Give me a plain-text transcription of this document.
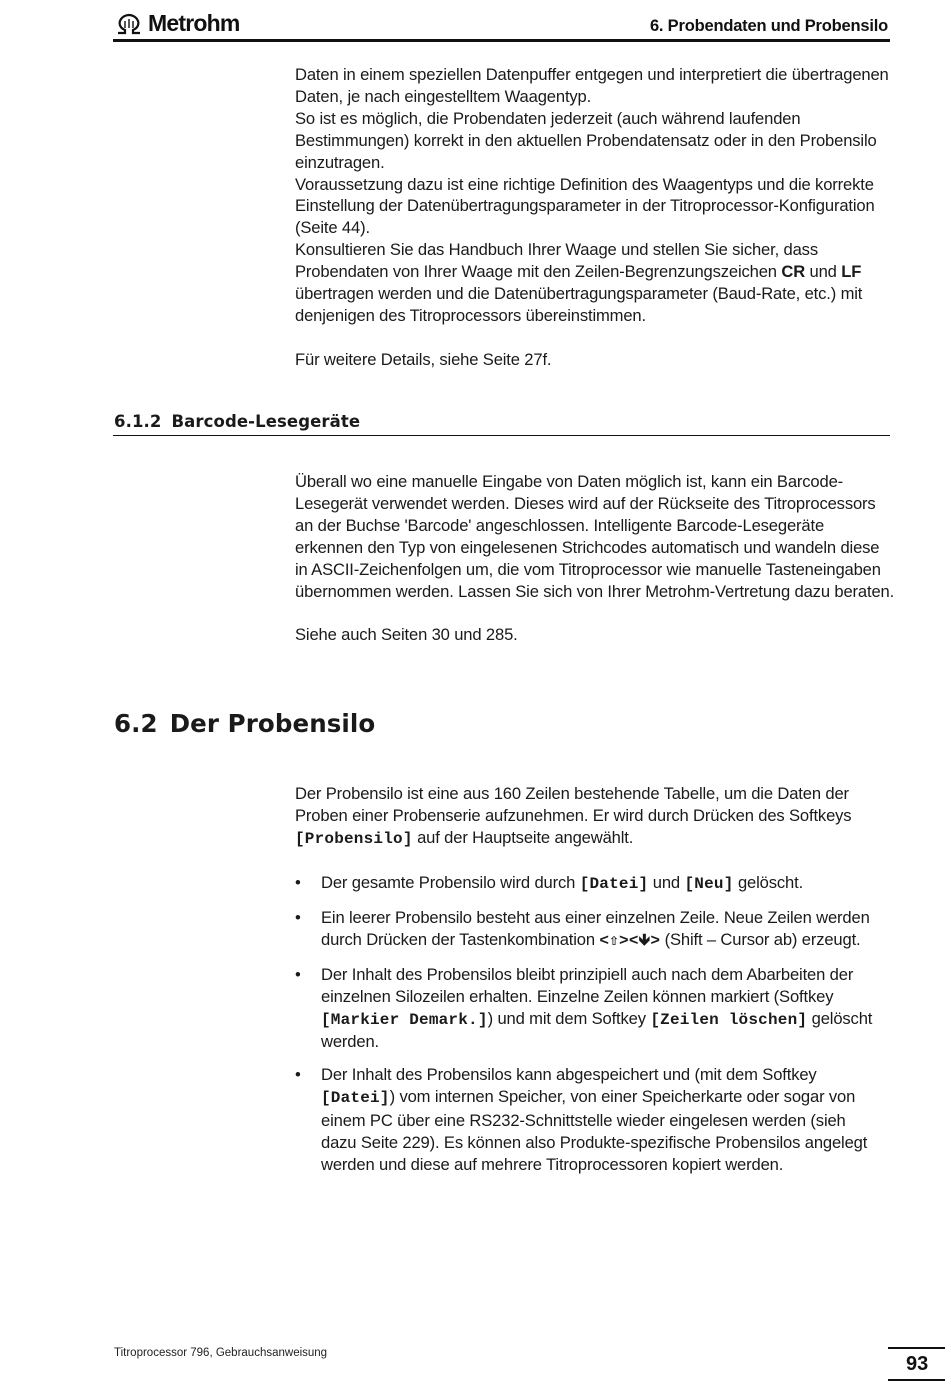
Metrohm	6. Probendaten und Probensilo

Daten in einem speziellen Datenpuffer entgegen und interpretiert die übertragenen Daten, je nach eingestelltem Waagentyp.

So ist es möglich, die Probendaten jederzeit (auch während laufenden Bestimmungen) korrekt in den aktuellen Probendatensatz oder in den Probensilo einzutragen.

Voraussetzung dazu ist eine richtige Definition des Waagentyps und die korrekte Einstellung der Datenübertragungsparameter in der Titroprocessor-Konfiguration (Seite 44).

Konsultieren Sie das Handbuch Ihrer Waage und stellen Sie sicher, dass Probendaten von Ihrer Waage mit den Zeilen-Begrenzungszeichen CR und LF übertragen werden und die Datenübertragungsparameter (Baud-Rate, etc.) mit denjenigen des Titroprocessors übereinstimmen.

Für weitere Details, siehe Seite 27f.

6.1.2 Barcode-Lesegeräte

Überall wo eine manuelle Eingabe von Daten möglich ist, kann ein Barcode-Lesegerät verwendet werden. Dieses wird auf der Rückseite des Titroprocessors an der Buchse 'Barcode' angeschlossen. Intelligente Barcode-Lesegeräte erkennen den Typ von eingelesenen Strichcodes automatisch und wandeln diese in ASCII-Zeichenfolgen um, die vom Titroprocessor wie manuelle Tasteneingaben übernommen werden. Lassen Sie sich von Ihrer Metrohm-Vertretung dazu beraten.

Siehe auch Seiten 30 und 285.

6.2 Der Probensilo

Der Probensilo ist eine aus 160 Zeilen bestehende Tabelle, um die Daten der Proben einer Probenserie aufzunehmen. Er wird durch Drücken des Softkeys [Probensilo] auf der Hauptseite angewählt.

• Der gesamte Probensilo wird durch [Datei] und [Neu] gelöscht.
• Ein leerer Probensilo besteht aus einer einzelnen Zeile. Neue Zeilen werden durch Drücken der Tastenkombination <⇧><🡻> (Shift – Cursor ab) erzeugt.
• Der Inhalt des Probensilos bleibt prinzipiell auch nach dem Abarbeiten der einzelnen Silozeilen erhalten. Einzelne Zeilen können markiert (Softkey [Markier Demark.]) und mit dem Softkey [Zeilen löschen] gelöscht werden.
• Der Inhalt des Probensilos kann abgespeichert und (mit dem Softkey [Datei]) vom internen Speicher, von einer Speicherkarte oder sogar von einem PC über eine RS232-Schnittstelle wieder eingelesen werden (sieh dazu Seite 229). Es können also Produkte-spezifische Probensilos angelegt werden und diese auf mehrere Titroprocessoren kopiert werden.
Titroprocessor 796, Gebrauchsanweisung	93
